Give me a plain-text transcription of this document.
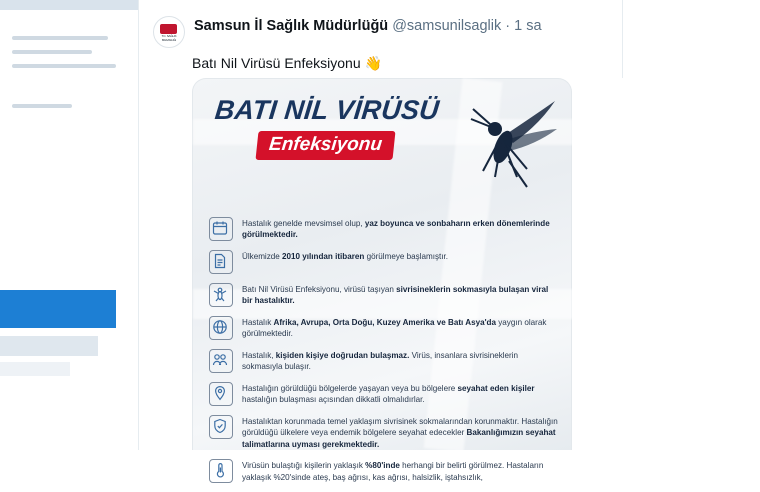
T.C. SAĞLIK BAKANLIĞI
Samsun İl Sağlık Müdürlüğü @samsunilsaglik · 1 sa
Batı Nil Virüsü Enfeksiyonu 👋
BATI NİL VİRÜSÜ
Enfeksiyonu
Hastalık genelde mevsimsel olup, yaz boyunca ve sonbaharın erken dönemlerinde görülmektedir.
Ülkemizde 2010 yılından itibaren görülmeye başlamıştır.
Batı Nil Virüsü Enfeksiyonu, virüsü taşıyan sivrisineklerin sokmasıyla bulaşan viral bir hastalıktır.
Hastalık Afrika, Avrupa, Orta Doğu, Kuzey Amerika ve Batı Asya'da yaygın olarak görülmektedir.
Hastalık, kişiden kişiye doğrudan bulaşmaz. Virüs, insanlara sivrisineklerin sokmasıyla bulaşır.
Hastalığın görüldüğü bölgelerde yaşayan veya bu bölgelere seyahat eden kişiler hastalığın bulaşması açısından dikkatli olmalıdırlar.
Hastalıktan korunmada temel yaklaşım sivrisinek sokmalarından korunmaktır. Hastalığın görüldüğü ülkelere veya endemik bölgelere seyahat edecekler Bakanlığımızın seyahat talimatlarına uyması gerekmektedir.
Virüsün bulaştığı kişilerin yaklaşık %80'inde herhangi bir belirti görülmez. Hastaların yaklaşık %20'sinde ateş, baş ağrısı, kas ağrısı, halsizlik, iştahsızlık,
